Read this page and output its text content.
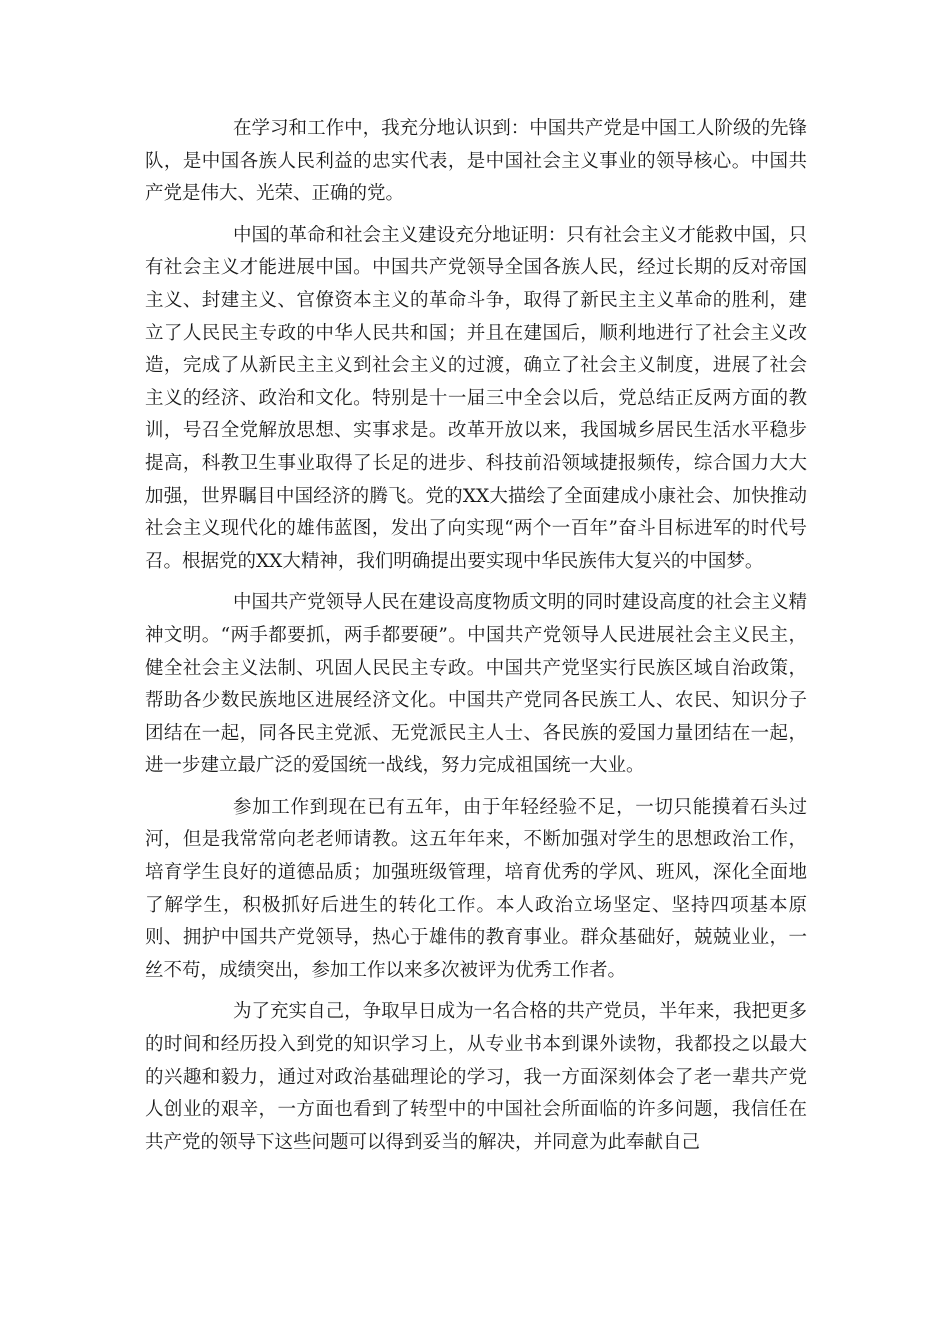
在学习和工作中，我充分地认识到：中国共产党是中国工人阶级的先锋队，是中国各族人民利益的忠实代表，是中国社会主义事业的领导核心。中国共产党是伟大、光荣、正确的党。

中国的革命和社会主义建设充分地证明：只有社会主义才能救中国，只有社会主义才能进展中国。中国共产党领导全国各族人民，经过长期的反对帝国主义、封建主义、官僚资本主义的革命斗争，取得了新民主主义革命的胜利，建立了人民民主专政的中华人民共和国；并且在建国后，顺利地进行了社会主义改造，完成了从新民主主义到社会主义的过渡，确立了社会主义制度，进展了社会主义的经济、政治和文化。特别是十一届三中全会以后，党总结正反两方面的教训，号召全党解放思想、实事求是。改革开放以来，我国城乡居民生活水平稳步提高，科教卫生事业取得了长足的进步、科技前沿领域捷报频传，综合国力大大加强，世界瞩目中国经济的腾飞。党的XX大描绘了全面建成小康社会、加快推动社会主义现代化的雄伟蓝图，发出了向实现“两个一百年”奋斗目标进军的时代号召。根据党的XX大精神，我们明确提出要实现中华民族伟大复兴的中国梦。

中国共产党领导人民在建设高度物质文明的同时建设高度的社会主义精神文明。“两手都要抓，两手都要硬”。中国共产党领导人民进展社会主义民主，健全社会主义法制、巩固人民民主专政。中国共产党坚实行民族区域自治政策，帮助各少数民族地区进展经济文化。中国共产党同各民族工人、农民、知识分子团结在一起，同各民主党派、无党派民主人士、各民族的爱国力量团结在一起，进一步建立最广泛的爱国统一战线，努力完成祖国统一大业。

参加工作到现在已有五年，由于年轻经验不足，一切只能摸着石头过河，但是我常常向老老师请教。这五年年来，不断加强对学生的思想政治工作，培育学生良好的道德品质；加强班级管理，培育优秀的学风、班风，深化全面地了解学生，积极抓好后进生的转化工作。本人政治立场坚定、坚持四项基本原则、拥护中国共产党领导，热心于雄伟的教育事业。群众基础好，兢兢业业，一丝不苟，成绩突出，参加工作以来多次被评为优秀工作者。

为了充实自己，争取早日成为一名合格的共产党员，半年来，我把更多的时间和经历投入到党的知识学习上，从专业书本到课外读物，我都投之以最大的兴趣和毅力，通过对政治基础理论的学习，我一方面深刻体会了老一辈共产党人创业的艰辛，一方面也看到了转型中的中国社会所面临的许多问题，我信任在共产党的领导下这些问题可以得到妥当的解决，并同意为此奉献自己
